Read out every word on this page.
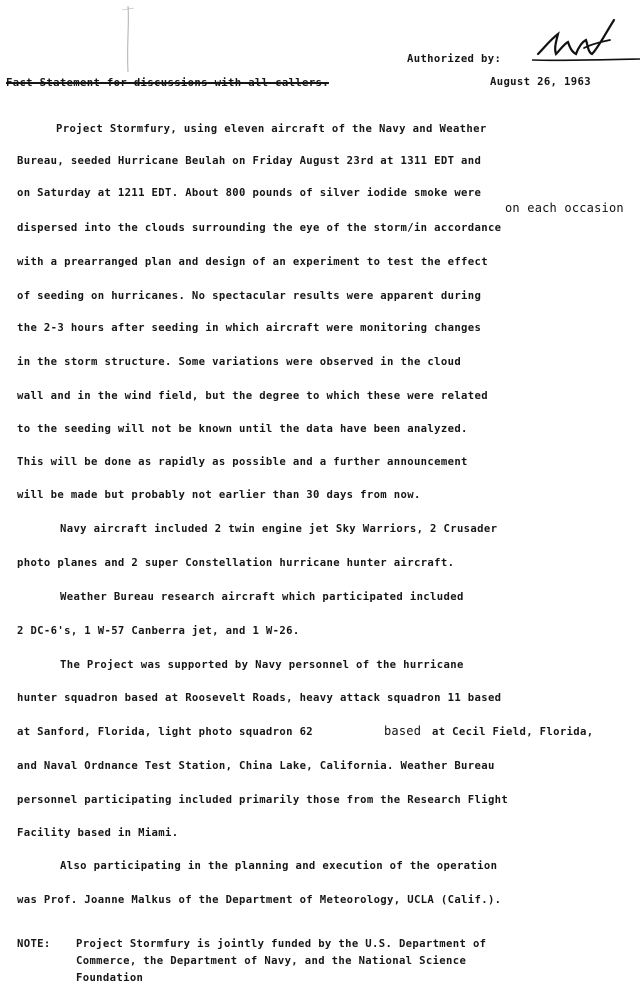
Authorized by:
Fact Statement for discussions with all callers.	August 26, 1963
Project Stormfury, using eleven aircraft of the Navy and Weather
Bureau, seeded Hurricane Beulah on Friday August 23rd at 1311 EDT and
on Saturday at 1211 EDT. About 800 pounds of silver iodide smoke were
on each occasion
dispersed into the clouds surrounding the eye of the storm/in accordance
with a prearranged plan and design of an experiment to test the effect
of seeding on hurricanes. No spectacular results were apparent during
the 2-3 hours after seeding in which aircraft were monitoring changes
in the storm structure. Some variations were observed in the cloud
wall and in the wind field, but the degree to which these were related
to the seeding will not be known until the data have been analyzed.
This will be done as rapidly as possible and a further announcement
will be made but probably not earlier than 30 days from now.
Navy aircraft included 2 twin engine jet Sky Warriors, 2 Crusader
photo planes and 2 super Constellation hurricane hunter aircraft.
Weather Bureau research aircraft which participated included
2 DC-6's, 1 W-57 Canberra jet, and 1 W-26.
The Project was supported by Navy personnel of the hurricane
hunter squadron based at Roosevelt Roads, heavy attack squadron 11 based
at Sanford, Florida, light photo squadron 62	based at Cecil Field, Florida,
and Naval Ordnance Test Station, China Lake, California. Weather Bureau
personnel participating included primarily those from the Research Flight
Facility based in Miami.
Also participating in the planning and execution of the operation
was Prof. Joanne Malkus of the Department of Meteorology, UCLA (Calif.).
NOTE: Project Stormfury is jointly funded by the U.S. Department of
Commerce, the Department of Navy, and the National Science
Foundation
